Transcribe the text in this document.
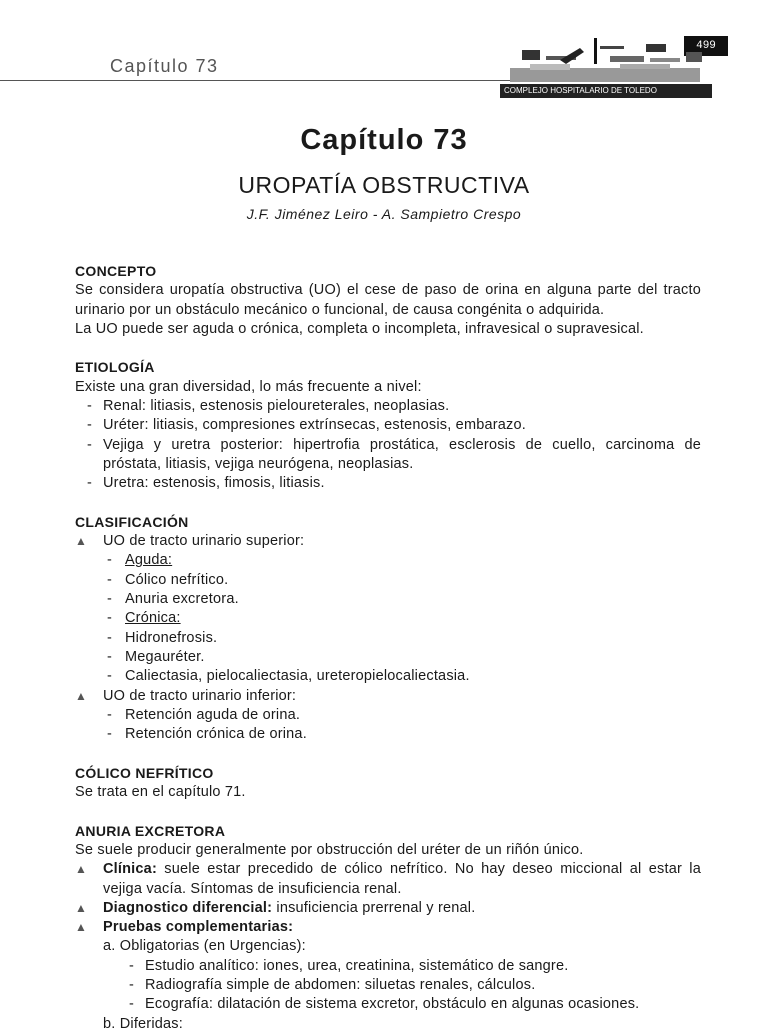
Capítulo 73
499
COMPLEJO HOSPITALARIO DE TOLEDO
Capítulo 73
UROPATÍA OBSTRUCTIVA
J.F. Jiménez Leiro - A. Sampietro Crespo
CONCEPTO
Se considera uropatía obstructiva (UO) el cese de paso de orina en alguna parte del tracto urinario por un obstáculo mecánico o funcional, de causa congénita o adquirida.
La UO puede ser aguda o crónica, completa o incompleta, infravesical o supravesical.
ETIOLOGÍA
Existe una gran diversidad, lo más frecuente a nivel:
- Renal: litiasis, estenosis pieloureterales, neoplasias.
- Uréter: litiasis, compresiones extrínsecas, estenosis, embarazo.
- Vejiga y uretra posterior: hipertrofia prostática, esclerosis de cuello, carcinoma de próstata, litiasis, vejiga neurógena, neoplasias.
- Uretra: estenosis, fimosis, litiasis.
CLASIFICACIÓN
▲ UO de tracto urinario superior:
- Aguda:
- Cólico nefrítico.
- Anuria excretora.
- Crónica:
- Hidronefrosis.
- Megauréter.
- Caliectasia, pielocaliectasia, ureteropielocaliectasia.
▲ UO de tracto urinario inferior:
- Retención aguda de orina.
- Retención crónica de orina.
CÓLICO NEFRÍTICO
Se trata en el capítulo 71.
ANURIA EXCRETORA
Se suele producir generalmente por obstrucción del uréter de un riñón único.
▲ Clínica: suele estar precedido de cólico nefrítico. No hay deseo miccional al estar la vejiga vacía. Síntomas de insuficiencia renal.
▲ Diagnostico diferencial: insuficiencia prerrenal y renal.
▲ Pruebas complementarias:
a. Obligatorias (en Urgencias):
- Estudio analítico: iones, urea, creatinina, sistemático de sangre.
- Radiografía simple de abdomen: siluetas renales, cálculos.
- Ecografía: dilatación de sistema excretor, obstáculo en algunas ocasiones.
b. Diferidas:
